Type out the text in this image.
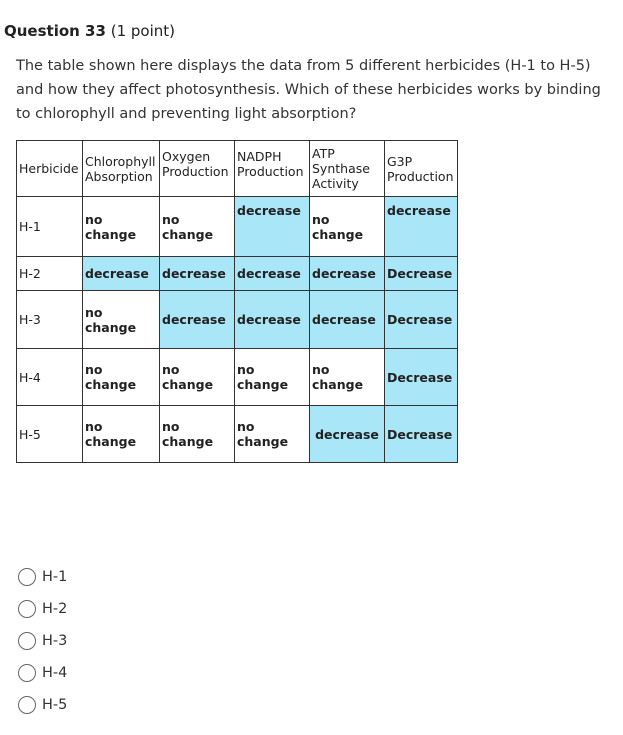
Question 33 (1 point)
The table shown here displays the data from 5 different herbicides (H-1 to H-5) and how they affect photosynthesis. Which of these herbicides works by binding to chlorophyll and preventing light absorption?
Herbicide	Chlorophyll Absorption	Oxygen Production	NADPH Production	ATP Synthase Activity	G3P Production
H-1	no change	no change	decrease	no change	decrease
H-2	decrease	decrease	decrease	decrease	Decrease
H-3	no change	decrease	decrease	decrease	Decrease
H-4	no change	no change	no change	no change	Decrease
H-5	no change	no change	no change	decrease	Decrease
H-1
H-2
H-3
H-4
H-5
